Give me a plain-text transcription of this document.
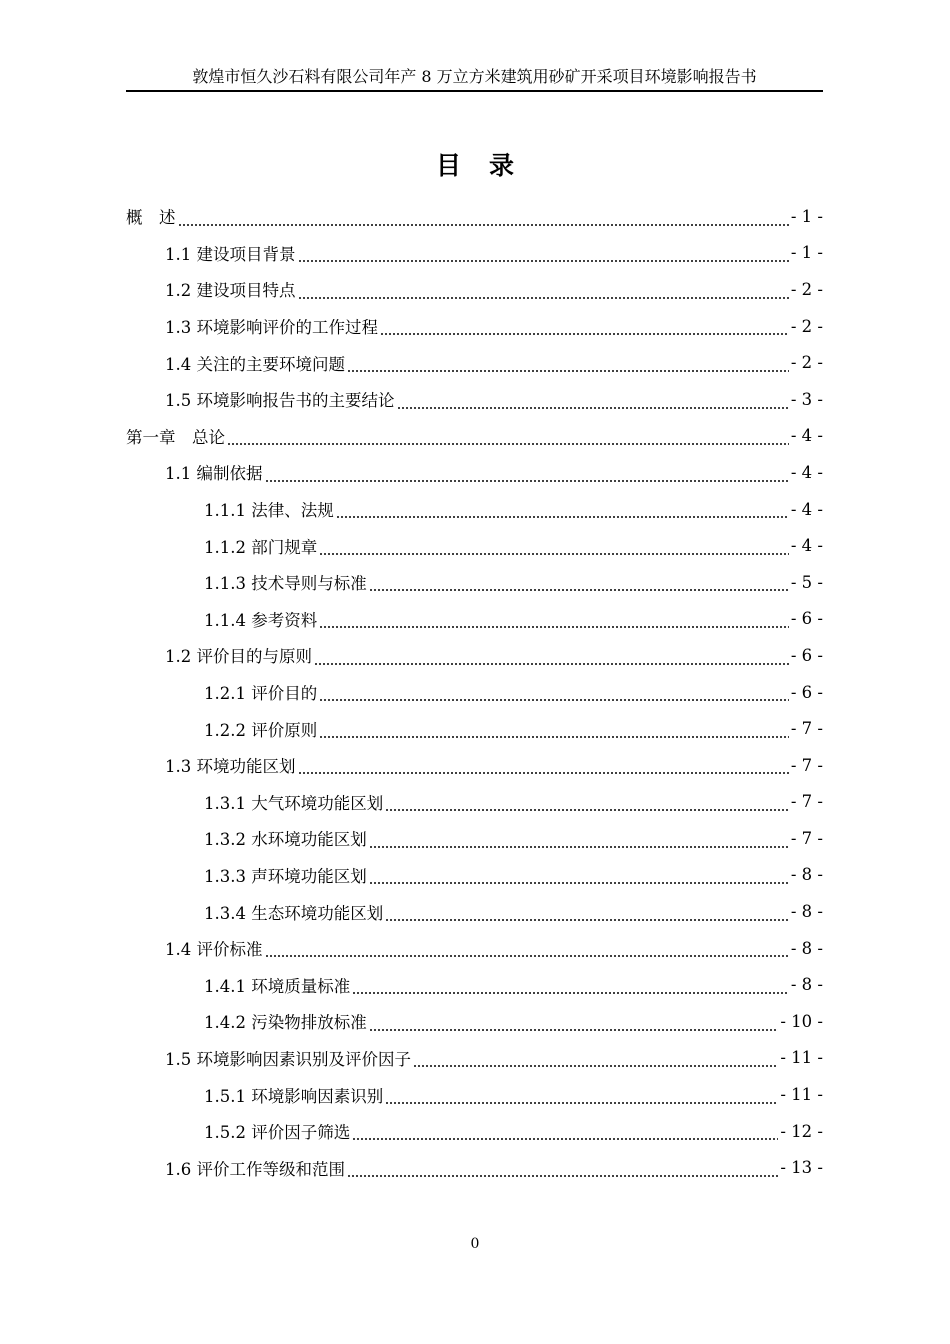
敦煌市恒久沙石料有限公司年产 8 万立方米建筑用砂矿开采项目环境影响报告书
目录
概　述	- 1 -
1.1 建设项目背景	- 1 -
1.2 建设项目特点	- 2 -
1.3 环境影响评价的工作过程	- 2 -
1.4 关注的主要环境问题	- 2 -
1.5 环境影响报告书的主要结论	- 3 -
第一章　总论	- 4 -
1.1 编制依据	- 4 -
1.1.1 法律、法规	- 4 -
1.1.2 部门规章	- 4 -
1.1.3 技术导则与标准	- 5 -
1.1.4 参考资料	- 6 -
1.2 评价目的与原则	- 6 -
1.2.1 评价目的	- 6 -
1.2.2 评价原则	- 7 -
1.3 环境功能区划	- 7 -
1.3.1 大气环境功能区划	- 7 -
1.3.2 水环境功能区划	- 7 -
1.3.3 声环境功能区划	- 8 -
1.3.4 生态环境功能区划	- 8 -
1.4 评价标准	- 8 -
1.4.1 环境质量标准	- 8 -
1.4.2 污染物排放标准	- 10 -
1.5 环境影响因素识别及评价因子	- 11 -
1.5.1 环境影响因素识别	- 11 -
1.5.2 评价因子筛选	- 12 -
1.6 评价工作等级和范围	- 13 -
0
